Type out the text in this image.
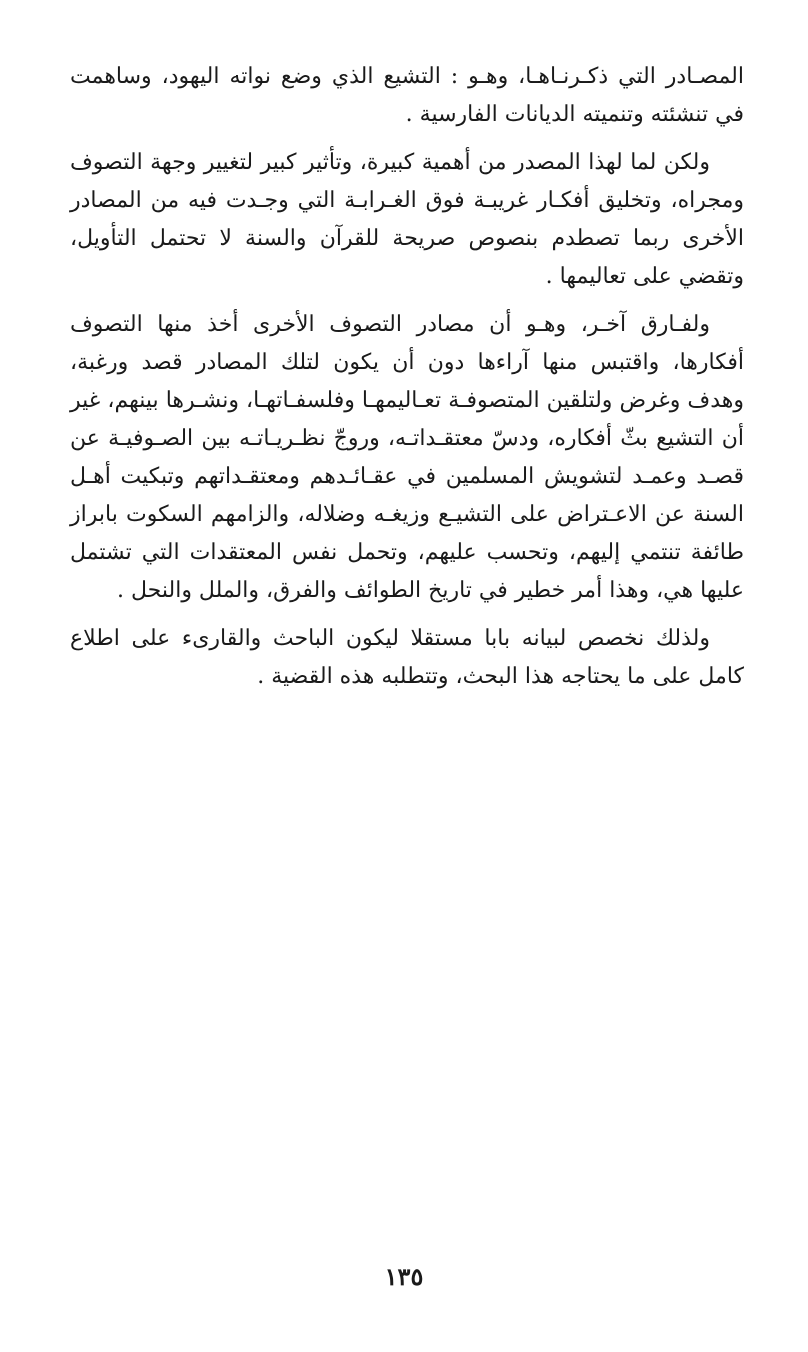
المصـادر التي ذكـرنـاهـا، وهـو : التشيع الذي وضع نواته اليهود، وساهمت في تنشئته وتنميته الديانات الفارسية .

ولكن لما لهذا المصدر من أهمية كبيرة، وتأثير كبير لتغيير وجهة التصوف ومجراه، وتخليق أفكـار غريبـة فوق الغـرابـة التي وجـدت فيه من المصادر الأخرى ربما تصطدم بنصوص صريحة للقرآن والسنة لا تحتمل التأويل، وتقضي على تعاليمها .

ولفـارق آخـر، وهـو أن مصادر التصوف الأخرى أخذ منها التصوف أفكارها، واقتبس منها آراءها دون أن يكون لتلك المصادر قصد ورغبة، وهدف وغرض ولتلقين المتصوفـة تعـاليمهـا وفلسفـاتهـا، ونشـرها بينهم، غير أن التشيع بثّ أفكاره، ودسّ معتقـداتـه، وروجّ نظـريـاتـه بين الصـوفيـة عن قصـد وعمـد لتشويش المسلمين في عقـائـدهم ومعتقـداتهم وتبكيت أهـل السنة عن الاعـتراض على التشيـع وزيغـه وضلاله، والزامهم السكوت بابراز طائفة تنتمي إليهم، وتحسب عليهم، وتحمل نفس المعتقدات التي تشتمل عليها هي، وهذا أمر خطير في تاريخ الطوائف والفرق، والملل والنحل .

ولذلك نخصص لبيانه بابا مستقلا ليكون الباحث والقارىء على اطلاع كامل على ما يحتاجه هذا البحث، وتتطلبه هذه القضية .

١٣٥
